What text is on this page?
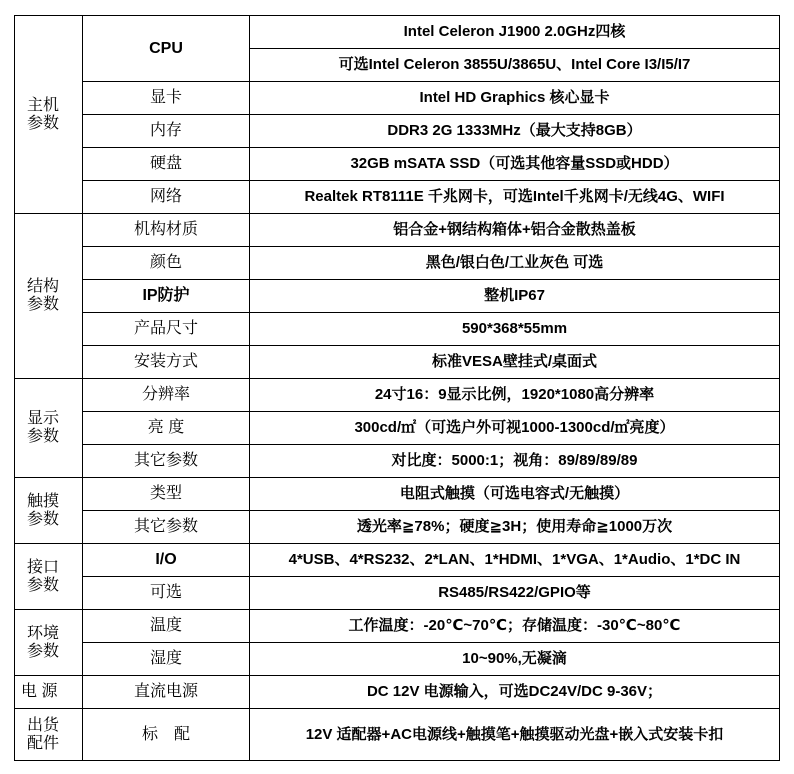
主机
参数	CPU	Intel Celeron J1900 2.0GHz四核
		可选Intel Celeron 3855U/3865U、Intel Core I3/I5/I7
	显卡	Intel HD Graphics 核心显卡
	内存	DDR3 2G 1333MHz（最大支持8GB）
	硬盘	32GB mSATA SSD（可选其他容量SSD或HDD）
	网络	Realtek RT8111E 千兆网卡，可选Intel千兆网卡/无线4G、WIFI
结构
参数	机构材质	铝合金+钢结构箱体+铝合金散热盖板
	颜色	黑色/银白色/工业灰色 可选
	IP防护	整机IP67
	产品尺寸	590*368*55mm
	安装方式	标准VESA壁挂式/桌面式
显示
参数	分辨率	24寸16：9显示比例，1920*1080高分辨率
	亮 度	300cd/㎡（可选户外可视1000-1300cd/㎡亮度）
	其它参数	对比度：5000:1；视角：89/89/89/89
触摸
参数	类型	电阻式触摸（可选电容式/无触摸）
	其它参数	透光率≧78%；硬度≧3H；使用寿命≧1000万次
接口
参数	I/O	4*USB、4*RS232、2*LAN、1*HDMI、1*VGA、1*Audio、1*DC IN
	可选	RS485/RS422/GPIO等
环境
参数	温度	工作温度：-20℃~70℃；存储温度：-30℃~80℃
	湿度	10~90%,无凝滴
电 源	直流电源	DC 12V 电源输入，可选DC24V/DC 9-36V；
出货
配件	标　配	12V 适配器+AC电源线+触摸笔+触摸驱动光盘+嵌入式安装卡扣
